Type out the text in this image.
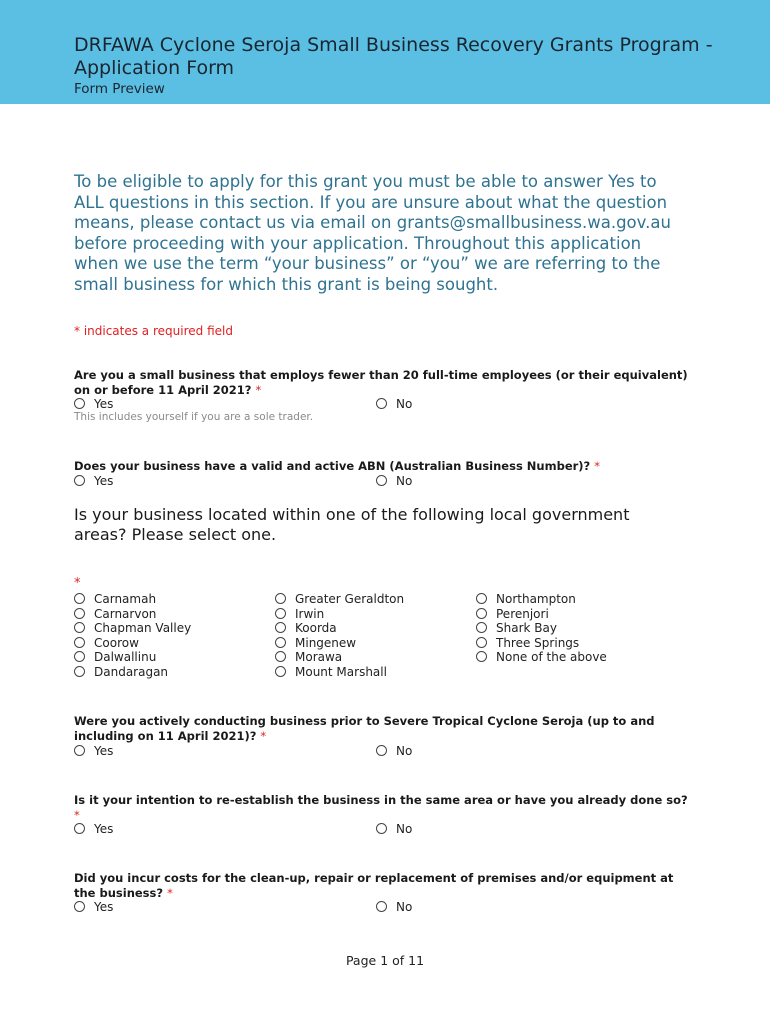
DRFAWA Cyclone Seroja Small Business Recovery Grants Program - Application Form
Form Preview
To be eligible to apply for this grant you must be able to answer Yes to ALL questions in this section. If you are unsure about what the question means, please contact us via email on grants@smallbusiness.wa.gov.au before proceeding with your application. Throughout this application when we use the term “your business” or “you” we are referring to the small business for which this grant is being sought.
* indicates a required field
Are you a small business that employs fewer than 20 full-time employees (or their equivalent) on or before 11 April 2021? *
Yes	No
This includes yourself if you are a sole trader.
Does your business have a valid and active ABN (Australian Business Number)? *
Yes	No
Is your business located within one of the following local government areas? Please select one.
*
Carnamah
Carnarvon
Chapman Valley
Coorow
Dalwallinu
Dandaragan
Greater Geraldton
Irwin
Koorda
Mingenew
Morawa
Mount Marshall
Northampton
Perenjori
Shark Bay
Three Springs
None of the above
Were you actively conducting business prior to Severe Tropical Cyclone Seroja (up to and including on 11 April 2021)? *
Yes	No
Is it your intention to re-establish the business in the same area or have you already done so? *
Yes	No
Did you incur costs for the clean-up, repair or replacement of premises and/or equipment at the business? *
Yes	No
Page 1 of 11
